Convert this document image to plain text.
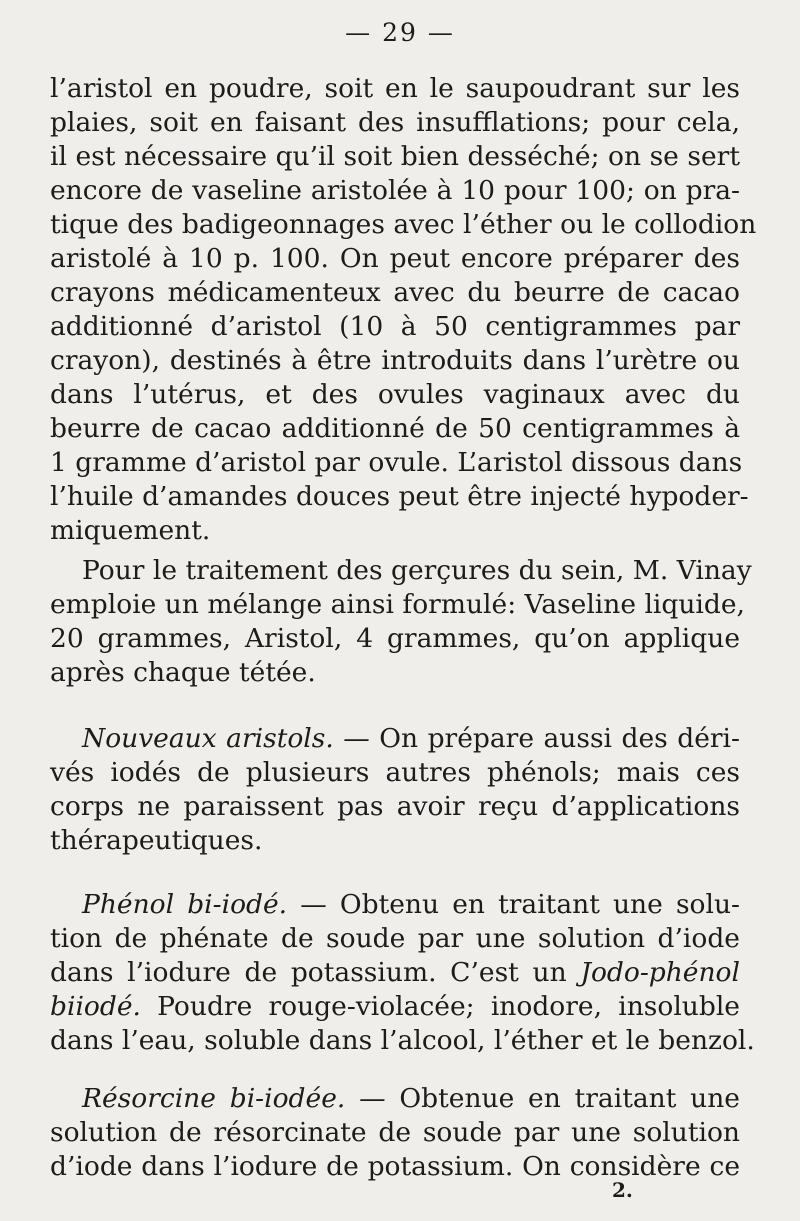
— 29 —
l’aristol en poudre, soit en le saupoudrant sur les
plaies, soit en faisant des insufflations; pour cela,
il est nécessaire qu’il soit bien desséché; on se sert
encore de vaseline aristolée à 10 pour 100; on pra-
tique des badigeonnages avec l’éther ou le collodion
aristolé à 10 p. 100. On peut encore préparer des
crayons médicamenteux avec du beurre de cacao
additionné d’aristol (10 à 50 centigrammes par
crayon), destinés à être introduits dans l’urètre ou
dans l’utérus, et des ovules vaginaux avec du
beurre de cacao additionné de 50 centigrammes à
1 gramme d’aristol par ovule. L’aristol dissous dans
l’huile d’amandes douces peut être injecté hypoder-
miquement.
Pour le traitement des gerçures du sein, M. Vinay
emploie un mélange ainsi formulé: Vaseline liquide,
20 grammes, Aristol, 4 grammes, qu’on applique
après chaque tétée.
Nouveaux aristols. — On prépare aussi des déri-
vés iodés de plusieurs autres phénols; mais ces
corps ne paraissent pas avoir reçu d’applications
thérapeutiques.
Phénol bi-iodé. — Obtenu en traitant une solu-
tion de phénate de soude par une solution d’iode
dans l’iodure de potassium. C’est un Jodo-phénol
biiodé. Poudre rouge-violacée; inodore, insoluble
dans l’eau, soluble dans l’alcool, l’éther et le benzol.
Résorcine bi-iodée. — Obtenue en traitant une
solution de résorcinate de soude par une solution
d’iode dans l’iodure de potassium. On considère ce
2.
